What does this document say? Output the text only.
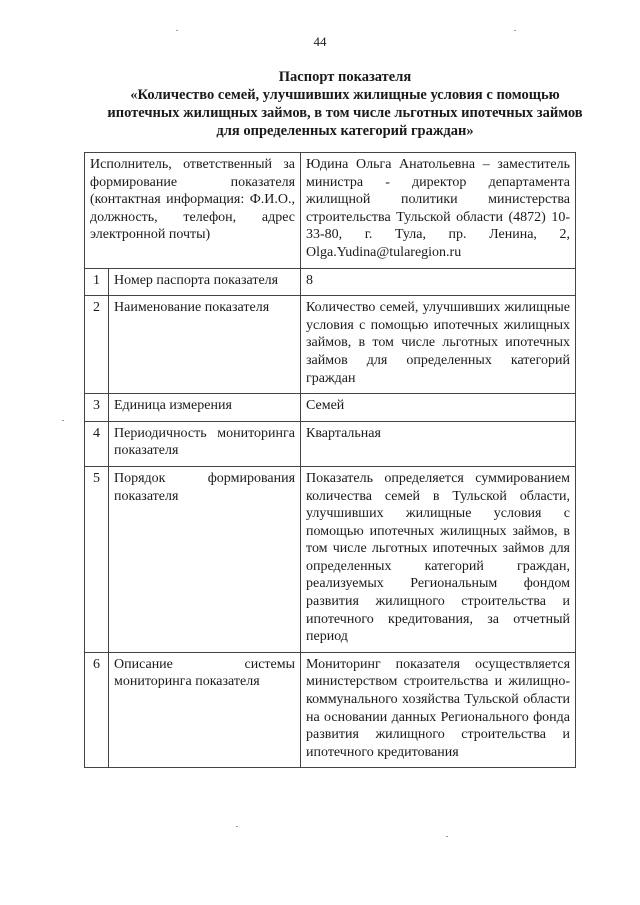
44
Паспорт показателя
«Количество семей, улучшивших жилищные условия с помощью
ипотечных жилищных займов, в том числе льготных ипотечных займов
для определенных категорий граждан»
Исполнитель, ответственный за формирование показателя (контактная информация: Ф.И.О., должность, телефон, адрес электронной почты)		Юдина Ольга Анатольевна – заместитель министра - директор департамента жилищной политики министерства строительства Тульской области (4872) 10-33-80, г. Тула, пр. Ленина, 2, Olga.Yudina@tularegion.ru
1	Номер паспорта показателя	8
2	Наименование показателя	Количество семей, улучшивших жилищные условия с помощью ипотечных жилищных займов, в том числе льготных ипотечных займов для определенных категорий граждан
3	Единица измерения	Семей
4	Периодичность мониторинга показателя	Квартальная
5	Порядок формирования показателя	Показатель определяется суммированием количества семей в Тульской области, улучшивших жилищные условия с помощью ипотечных жилищных займов, в том числе льготных ипотечных займов для определенных категорий граждан, реализуемых Региональным фондом развития жилищного строительства и ипотечного кредитования, за отчетный период
6	Описание системы мониторинга показателя	Мониторинг показателя осуществляется министерством строительства и жилищно-коммунального хозяйства Тульской области на основании данных Регионального фонда развития жилищного строительства и ипотечного кредитования
